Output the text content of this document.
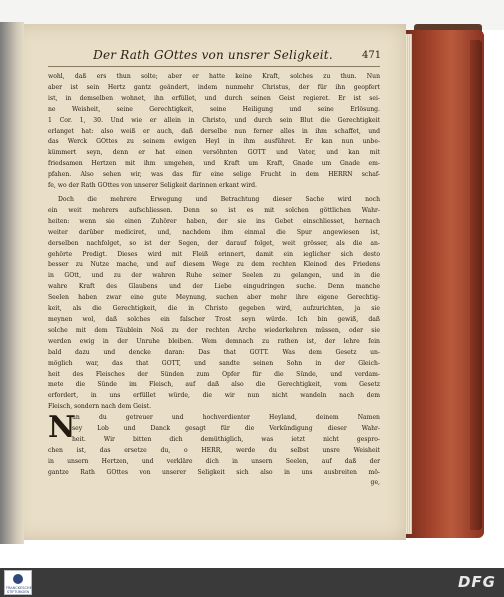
Der Rath GOttes von unsrer Seligkeit.	471
wohl, daß ers thun solte; aber er hatte keine Kraft, solches zu thun. Nun
aber ist sein Hertz gantz geändert, indem nunmehr Christus, der für ihn geopfert
ist, in demselben wohnet, ihn erfüllet, und durch seinen Geist regieret. Er ist sei-
ne Weisheit, seine Gerechtigkeit, seine Heiligung und seine Erlösung.
1 Cor. 1, 30. Und wie er allein in Christo, und durch sein Blut die Gerechtigkeit
erlanget hat: also weiß er auch, daß derselbe nun ferner alles in ihm schaffet, und
das Werck GOttes zu seinem ewigen Heyl in ihm ausführet. Er kan nun unbe-
kümmert seyn, denn er hat einen versöhnten GOTT und Vater, und kan mit
friedsamen Hertzen mit ihm umgehen, und Kraft um Kraft, Gnade um Gnade em-
pfahen. Also sehen wir, was das für eine selige Frucht in dem HERRN schaf-
fe, wo der Rath GOttes von unserer Seligkeit darinnen erkant wird.
Doch die mehrere Erwegung und Betrachtung dieser Sache wird noch
ein weit mehrers aufschliessen. Denn so ist es mit solchen göttlichen Wahr-
heiten: wenn sie einen Zuhörer haben, der sie ins Gebet einschliesset, hernach
weiter darüber mediciret, und, nachdem ihm einmal die Spur angewiesen ist,
derselben nachfolget, so ist der Segen, der darauf folget, weit grösser, als die an-
gehörte Predigt. Dieses wird mit Fleiß erinnert, damit ein ieglicher sich desto
besser zu Nutze mache, und auf diesem Wege zu dem rechten Kleinod des Friedens
in GOtt, und zu der wahren Ruhe seiner Seelen zu gelangen, und in die
wahre Kraft des Glaubens und der Liebe eingudringen suche. Denn manche
Seelen haben zwar eine gute Meynung, suchen aber mehr ihre eigene Gerechtig-
keit, als die Gerechtigkeit, die in Christo gegeben wird, aufzurichten, ja sie
meynen wol, daß solches ein falscher Trost seyn würde. Ich bin gewiß, daß
solche mit dem Täublein Noä zu der rechten Arche wiederkehren müssen, oder sie
werden ewig in der Unruhe bleiben. Wem demnach zu rathen ist, der lehre fein
bald dazu und dencke daran: Das that GOTT. Was dem Gesetz un-
möglich war, das that GOTT, und sandte seinen Sohn in der Gleich-
heit des Fleisches der Sünden zum Opfer für die Sünde, und verdam-
mete die Sünde im Fleisch, auf daß also die Gerechtigkeit, vom Gesetz
erfordert, in uns erfüllet würde, die wir nun nicht wandeln nach dem
Fleisch, sondern nach dem Geist.
N
un du getreuer und hochverdienter Heyland, deinem Namen
sey Lob und Danck gesagt für die Verkündigung dieser Wahr-
heit. Wir bitten dich demüthiglich, was ietzt nicht gespro-
chen ist, das ersetze du, o HERR, werde du selbst unsre Weisheit
in unsern Hertzen, und verkläre dich in unsern Seelen, auf daß der
gantze Rath GOttes von unserer Seligkeit sich also in uns ausbreiten mö-
ge,
FRANCKESCHE STIFTUNGEN
DFG
